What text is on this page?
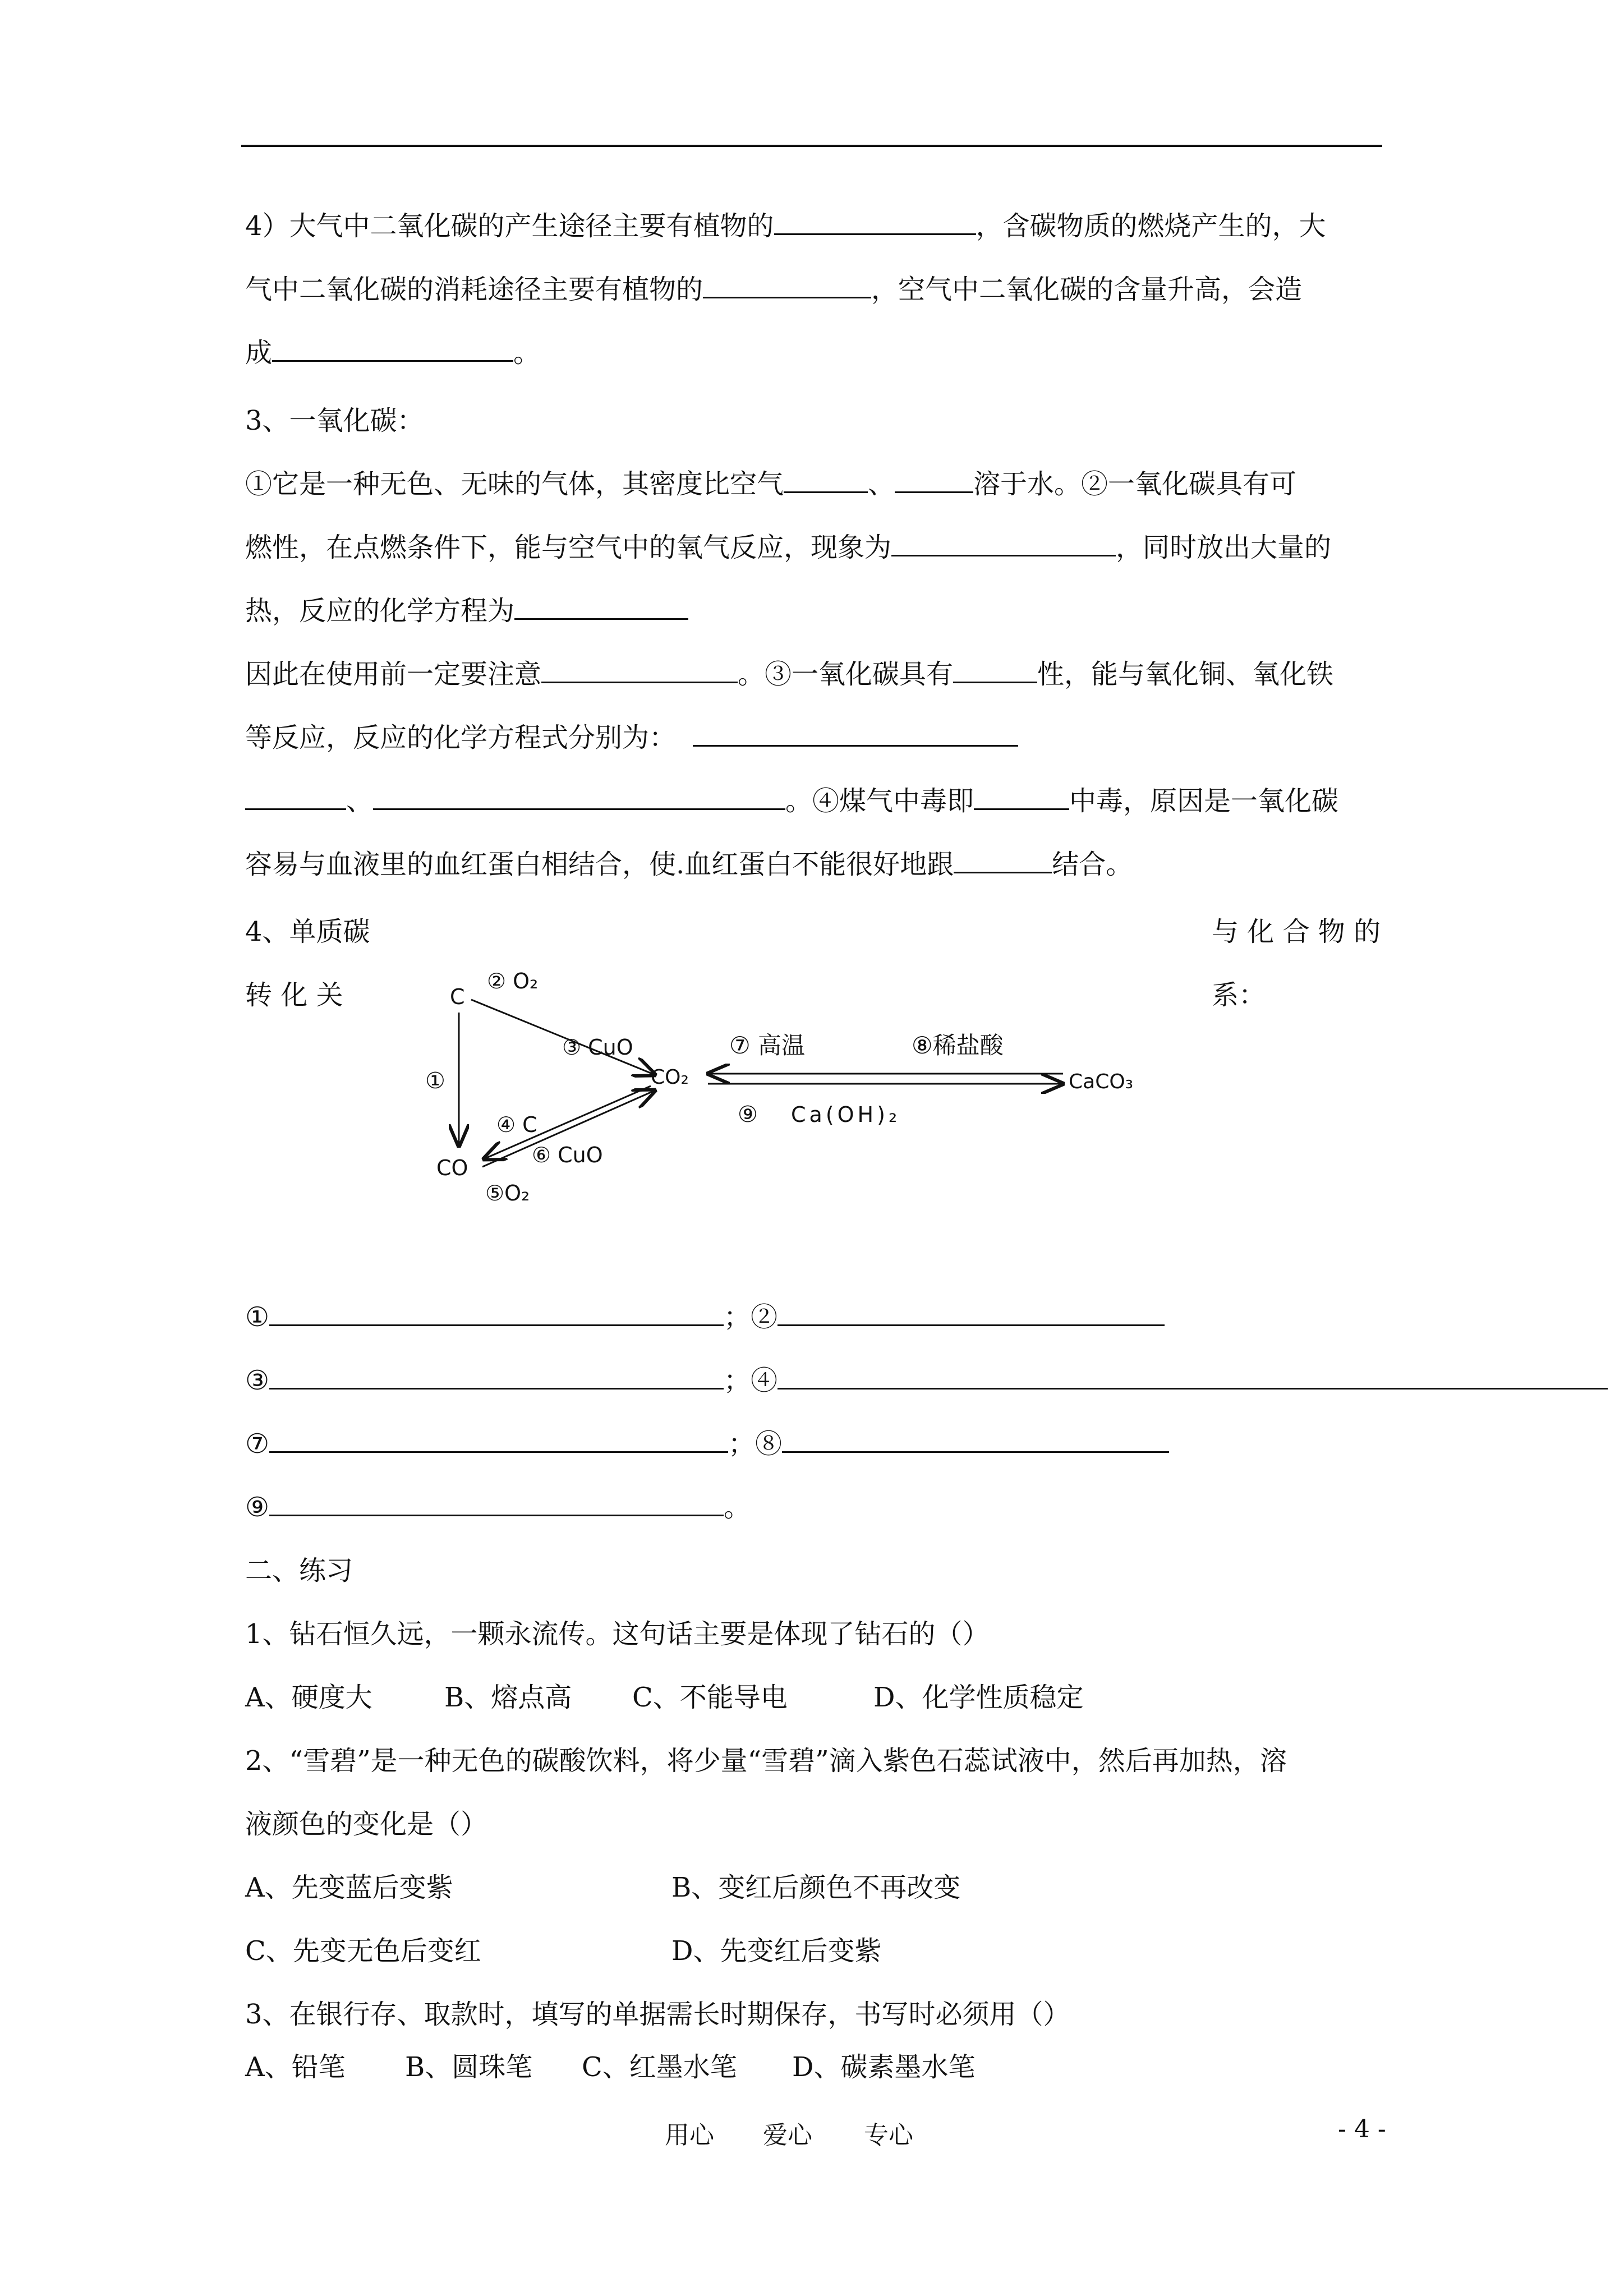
4）大气中二氧化碳的产生途径主要有植物的	，含碳物质的燃烧产生的，大
气中二氧化碳的消耗途径主要有植物的	，空气中二氧化碳的含量升高，会造
成	。
3、一氧化碳：
①它是一种无色、无味的气体，其密度比空气	、	溶于水。②一氧化碳具有可
燃性，在点燃条件下，能与空气中的氧气反应，现象为	，同时放出大量的
热，反应的化学方程为
因此在使用前一定要注意	。③一氧化碳具有	性，能与氧化铜、氧化铁
等反应，反应的化学方程式分别为：
、	。④煤气中毒即	中毒，原因是一氧化碳
容易与血液里的血红蛋白相结合，使.血红蛋白不能很好地跟	结合。
4、单质碳	与 化 合 物 的
转 化 关	系：
C
CO
CO₂	CaCO₃
①
② O₂
③ CuO
④ C
⑥ CuO
⑤O₂
⑦ 高温	⑧稀盐酸
⑨ Ca(OH)₂
①	；②
③	；④
⑦	；⑧
⑨	。
二、练习
1、钻石恒久远，一颗永流传。这句话主要是体现了钻石的（）
A、硬度大	B、熔点高 C、不能导电	D、化学性质稳定
2、“雪碧”是一种无色的碳酸饮料，将少量“雪碧”滴入紫色石蕊试液中，然后再加热，溶
液颜色的变化是（）
A、先变蓝后变紫	B、变红后颜色不再改变
C、先变无色后变红	D、先变红后变紫
3、在银行存、取款时，填写的单据需长时期保存，书写时必须用（）
A、铅笔 B、圆珠笔 C、红墨水笔 D、碳素墨水笔
用心 爱心 专心	- 4 -
